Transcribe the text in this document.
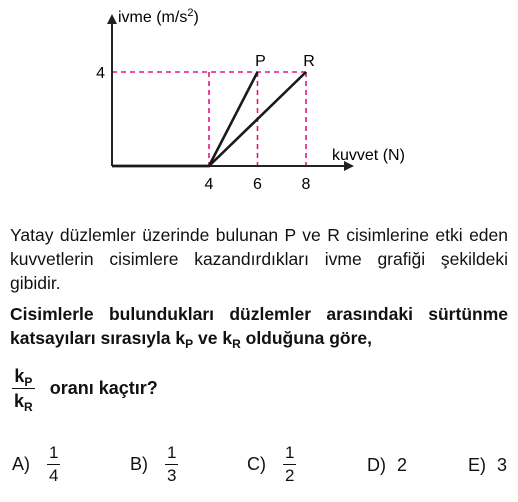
ivme $(m/s^2)$
kuvvet (N)
4 6 8
4
P R
Yatay düzlemler üzerinde bulunan P ve R cisimlerine etki eden kuvvetlerin cisimlere kazandırdıkları ivme grafiği şekildeki gibidir.
Cisimlerle bulundukları düzlemler arasındaki sürtünme katsayıları sırasıyla $k_P$ ve $k_R$ olduğuna göre,
$\frac{k_P}{k_R}$ oranı kaçtır?
$A) \frac{1}{4}$	$B) \frac{1}{3}$	$C) \frac{1}{2}$	D) 2	E) 3
